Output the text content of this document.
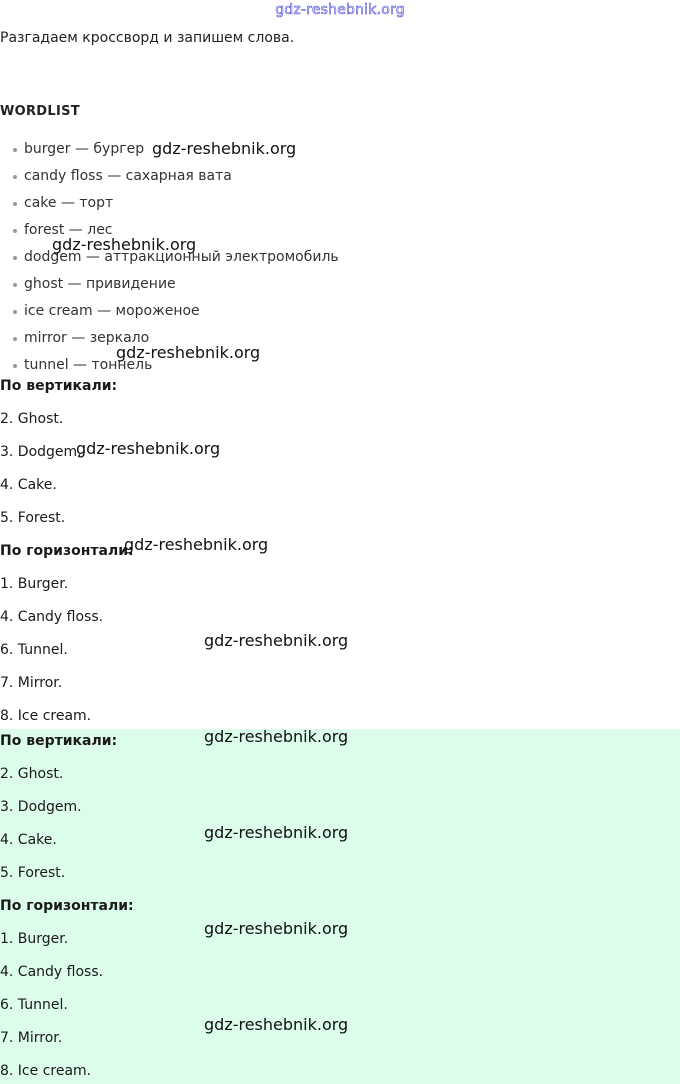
gdz-reshebnik.org
Разгадаем кроссворд и запишем слова.
WORDLIST
burger — бургер
candy floss — сахарная вата
cake — торт
forest — лес
dodgem — аттракционный электромобиль
ghost — привидение
ice cream — мороженое
mirror — зеркало
tunnel — тоннель
По вертикали:
2. Ghost.
3. Dodgem.
4. Cake.
5. Forest.
По горизонтали:
1. Burger.
4. Candy floss.
6. Tunnel.
7. Mirror.
8. Ice cream.
По вертикали:
2. Ghost.
3. Dodgem.
4. Cake.
5. Forest.
По горизонтали:
1. Burger.
4. Candy floss.
6. Tunnel.
7. Mirror.
8. Ice cream.
gdz-reshebnik.org
gdz-reshebnik.org
gdz-reshebnik.org
gdz-reshebnik.org
gdz-reshebnik.org
gdz-reshebnik.org
gdz-reshebnik.org
gdz-reshebnik.org
gdz-reshebnik.org
gdz-reshebnik.org
